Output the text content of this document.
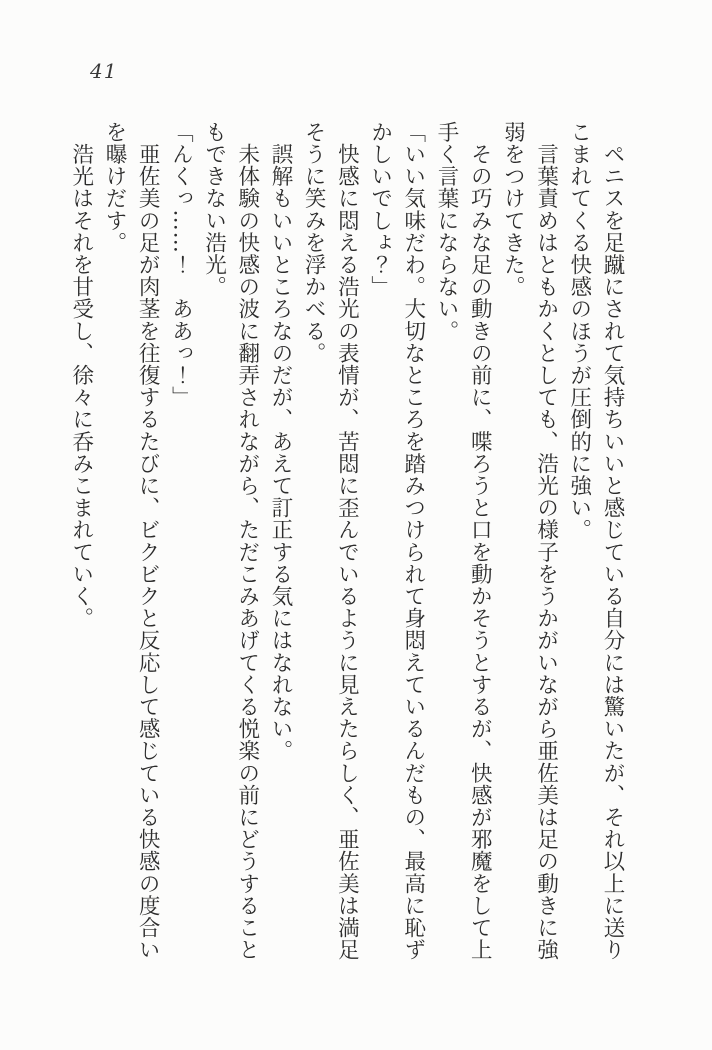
41
　ペニスを足蹴にされて気持ちいいと感じている自分には驚いたが、それ以上に送り
こまれてくる快感のほうが圧倒的に強い。
　言葉責めはともかくとしても、浩光の様子をうかがいながら亜佐美は足の動きに強
弱をつけてきた。
　その巧みな足の動きの前に、喋ろうと口を動かそうとするが、快感が邪魔をして上
手く言葉にならない。
「いい気味だわ。大切なところを踏みつけられて身悶えているんだもの、最高に恥ず
かしいでしょ？」
　快感に悶える浩光の表情が、苦悶に歪んでいるように見えたらしく、亜佐美は満足
そうに笑みを浮かべる。
　誤解もいいところなのだが、あえて訂正する気にはなれない。
　未体験の快感の波に翻弄されながら、ただこみあげてくる悦楽の前にどうすること
もできない浩光。
「んくっ……！　ああっ！」
　亜佐美の足が肉茎を往復するたびに、ビクビクと反応して感じている快感の度合い
を曝けだす。
　浩光はそれを甘受し、徐々に呑みこまれていく。
